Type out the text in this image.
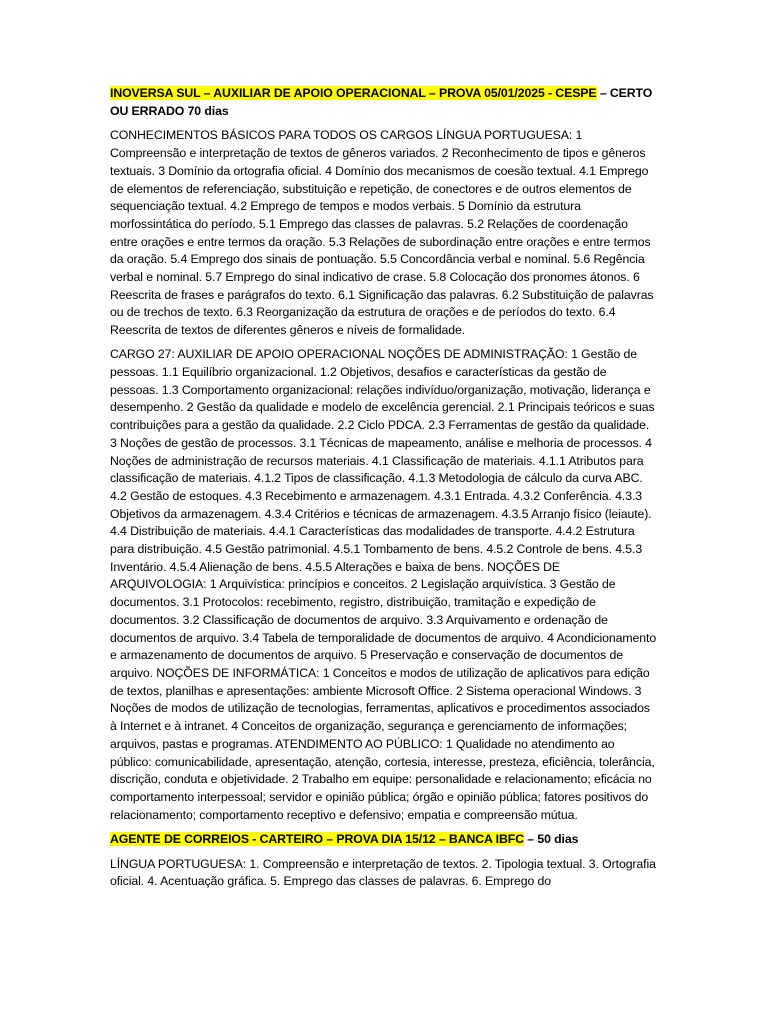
INOVERSA SUL – AUXILIAR DE APOIO OPERACIONAL – PROVA 05/01/2025 - CESPE – CERTO OU ERRADO 70 dias

CONHECIMENTOS BÁSICOS PARA TODOS OS CARGOS LÍNGUA PORTUGUESA: 1 Compreensão e interpretação de textos de gêneros variados. 2 Reconhecimento de tipos e gêneros textuais. 3 Domínio da ortografia oficial. 4 Domínio dos mecanismos de coesão textual. 4.1 Emprego de elementos de referenciação, substituição e repetição, de conectores e de outros elementos de sequenciação textual. 4.2 Emprego de tempos e modos verbais. 5 Domínio da estrutura morfossintática do período. 5.1 Emprego das classes de palavras. 5.2 Relações de coordenação entre orações e entre termos da oração. 5.3 Relações de subordinação entre orações e entre termos da oração. 5.4 Emprego dos sinais de pontuação. 5.5 Concordância verbal e nominal. 5.6 Regência verbal e nominal. 5.7 Emprego do sinal indicativo de crase. 5.8 Colocação dos pronomes átonos. 6 Reescrita de frases e parágrafos do texto. 6.1 Significação das palavras. 6.2 Substituição de palavras ou de trechos de texto. 6.3 Reorganização da estrutura de orações e de períodos do texto. 6.4 Reescrita de textos de diferentes gêneros e níveis de formalidade.

CARGO 27: AUXILIAR DE APOIO OPERACIONAL NOÇÕES DE ADMINISTRAÇÃO: 1 Gestão de pessoas. 1.1 Equilíbrio organizacional. 1.2 Objetivos, desafios e características da gestão de pessoas. 1.3 Comportamento organizacional: relações indivíduo/organização, motivação, liderança e desempenho. 2 Gestão da qualidade e modelo de excelência gerencial. 2.1 Principais teóricos e suas contribuições para a gestão da qualidade. 2.2 Ciclo PDCA. 2.3 Ferramentas de gestão da qualidade. 3 Noções de gestão de processos. 3.1 Técnicas de mapeamento, análise e melhoria de processos. 4 Noções de administração de recursos materiais. 4.1 Classificação de materiais. 4.1.1 Atributos para classificação de materiais. 4.1.2 Tipos de classificação. 4.1.3 Metodologia de cálculo da curva ABC. 4.2 Gestão de estoques. 4.3 Recebimento e armazenagem. 4.3.1 Entrada. 4.3.2 Conferência. 4.3.3 Objetivos da armazenagem. 4.3.4 Critérios e técnicas de armazenagem. 4.3.5 Arranjo físico (leiaute). 4.4 Distribuição de materiais. 4.4.1 Características das modalidades de transporte. 4.4.2 Estrutura para distribuição. 4.5 Gestão patrimonial. 4.5.1 Tombamento de bens. 4.5.2 Controle de bens. 4.5.3 Inventário. 4.5.4 Alienação de bens. 4.5.5 Alterações e baixa de bens. NOÇÕES DE ARQUIVOLOGIA: 1 Arquivística: princípios e conceitos. 2 Legislação arquivística. 3 Gestão de documentos. 3.1 Protocolos: recebimento, registro, distribuição, tramitação e expedição de documentos. 3.2 Classificação de documentos de arquivo. 3.3 Arquivamento e ordenação de documentos de arquivo. 3.4 Tabela de temporalidade de documentos de arquivo. 4 Acondicionamento e armazenamento de documentos de arquivo. 5 Preservação e conservação de documentos de arquivo. NOÇÕES DE INFORMÁTICA: 1 Conceitos e modos de utilização de aplicativos para edição de textos, planilhas e apresentações: ambiente Microsoft Office. 2 Sistema operacional Windows. 3 Noções de modos de utilização de tecnologias, ferramentas, aplicativos e procedimentos associados à Internet e à intranet. 4 Conceitos de organização, segurança e gerenciamento de informações; arquivos, pastas e programas. ATENDIMENTO AO PÚBLICO: 1 Qualidade no atendimento ao público: comunicabilidade, apresentação, atenção, cortesia, interesse, presteza, eficiência, tolerância, discrição, conduta e objetividade. 2 Trabalho em equipe: personalidade e relacionamento; eficácia no comportamento interpessoal; servidor e opinião pública; órgão e opinião pública; fatores positivos do relacionamento; comportamento receptivo e defensivo; empatia e compreensão mútua.

AGENTE DE CORREIOS - CARTEIRO – PROVA DIA 15/12 – BANCA IBFC – 50 dias

LÍNGUA PORTUGUESA: 1. Compreensão e interpretação de textos. 2. Tipologia textual. 3. Ortografia oficial. 4. Acentuação gráfica. 5. Emprego das classes de palavras. 6. Emprego do
